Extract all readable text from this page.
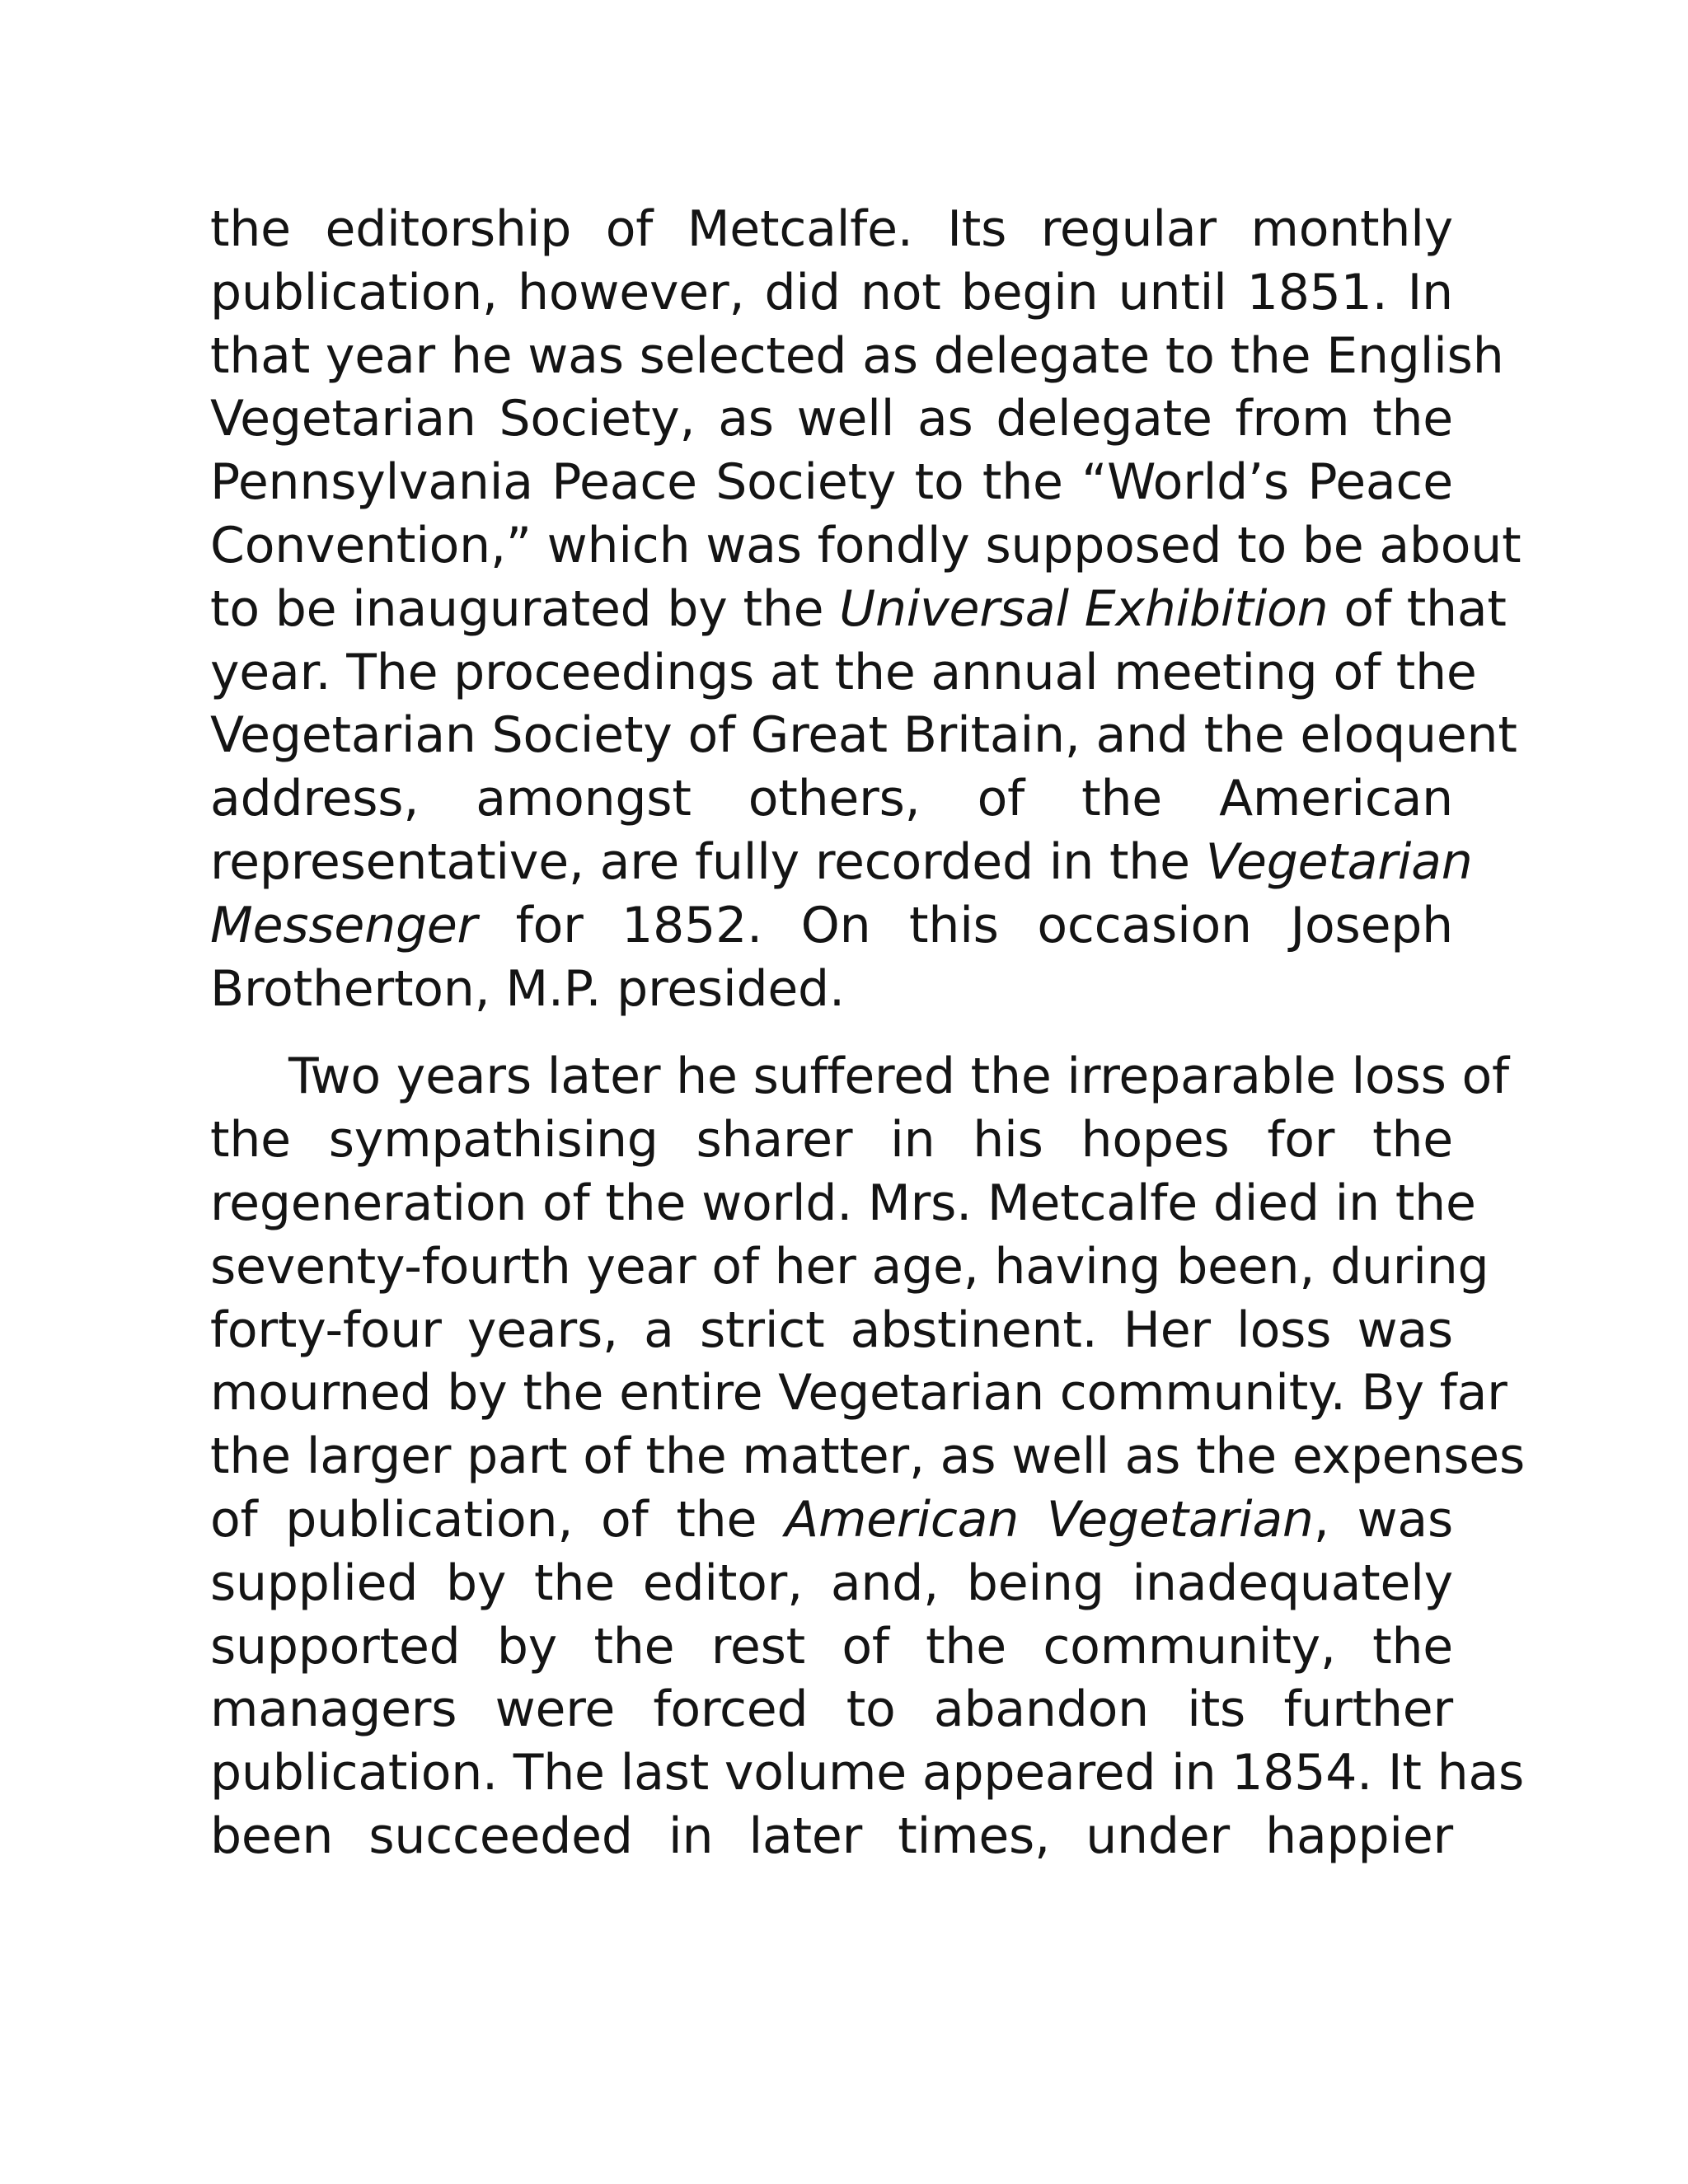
the editorship of Metcalfe. Its regular monthly
publication, however, did not begin until 1851. In
that year he was selected as delegate to the English
Vegetarian Society, as well as delegate from the
Pennsylvania Peace Society to the “World’s Peace
Convention,” which was fondly supposed to be about
to be inaugurated by the Universal Exhibition of that
year. The proceedings at the annual meeting of the
Vegetarian Society of Great Britain, and the eloquent
address, amongst others, of the American
representative, are fully recorded in the Vegetarian
Messenger for 1852. On this occasion Joseph
Brotherton, M.P. presided.
Two years later he suffered the irreparable loss of
the sympathising sharer in his hopes for the
regeneration of the world. Mrs. Metcalfe died in the
seventy-fourth year of her age, having been, during
forty-four years, a strict abstinent. Her loss was
mourned by the entire Vegetarian community. By far
the larger part of the matter, as well as the expenses
of publication, of the American Vegetarian, was
supplied by the editor, and, being inadequately
supported by the rest of the community, the
managers were forced to abandon its further
publication. The last volume appeared in 1854. It has
been succeeded in later times, under happier
